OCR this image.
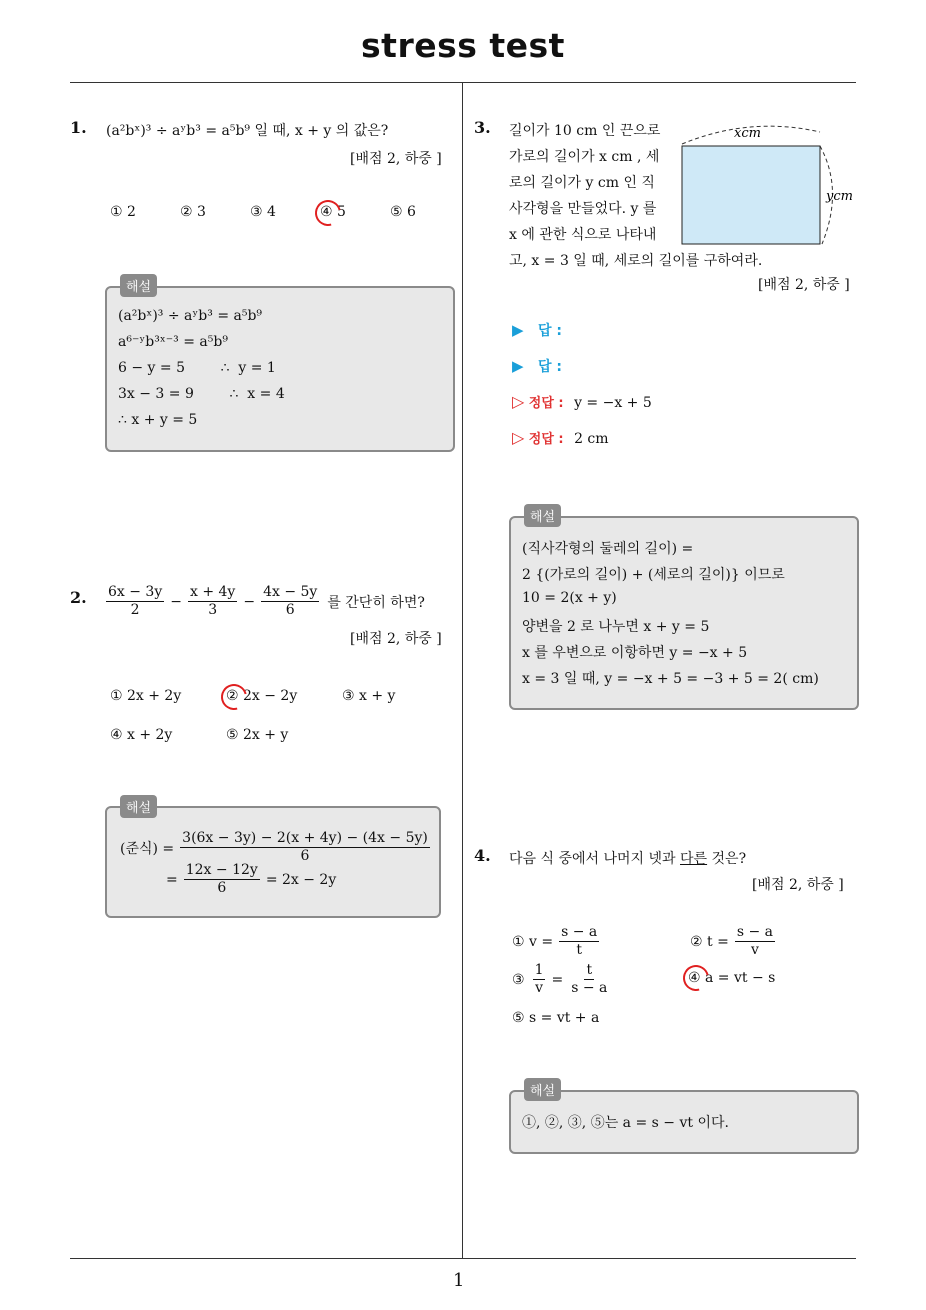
stress test
1
1. (a²bˣ)³ ÷ aʸb³ = a⁵b⁹ 일 때, x + y 의 값은?
[배점 2, 하중 ]
① 2	② 3	③ 4	④ 5	⑤ 6
해설
(a²bˣ)³ ÷ aʸb³ = a⁵b⁹
a⁶⁻ʸb³ˣ⁻³ = a⁵b⁹
6 − y = 5        ∴  y = 1
3x − 3 = 9        ∴  x = 4
∴ x + y = 5
2. $\frac{6x - 3y}{2} - \frac{x + 4y}{3} - \frac{4x - 5y}{6}$ 를 간단히 하면?
[배점 2, 하중 ]
① 2x + 2y	② 2x − 2y	③ x + y
④ x + 2y	⑤ 2x + y
해설
(준식) = $\frac{3(6x - 3y) - 2(x + 4y) - (4x - 5y)}{6}$
= $\frac{12x - 12y}{6} = 2x - 2y$
3. 길이가 10 cm 인 끈으로
가로의 길이가 x cm , 세
로의 길이가 y cm 인 직
사각형을 만들었다. y 를
x 에 관한 식으로 나타내
고, x = 3 일 때, 세로의 길이를 구하여라.
xcm
ycm
[배점 2, 하중 ]
▶ 답 :
▶ 답 :
▷ 정답 : y = −x + 5
▷ 정답 : 2 cm
해설
(직사각형의 둘레의 길이) =
2 {(가로의 길이) + (세로의 길이)} 이므로
10 = 2(x + y)
양변을 2 로 나누면 x + y = 5
x 를 우변으로 이항하면 y = −x + 5
x = 3 일 때, y = −x + 5 = −3 + 5 = 2( cm)
4. 다음 식 중에서 나머지 넷과 다른 것은?
[배점 2, 하중 ]
① $v = \frac{s - a}{t}$	② $t = \frac{s - a}{v}$
③ $\frac{1}{v} = \frac{t}{s - a}$	④ a = vt − s
⑤ s = vt + a
해설
①, ②, ③, ⑤는 a = s − vt 이다.
